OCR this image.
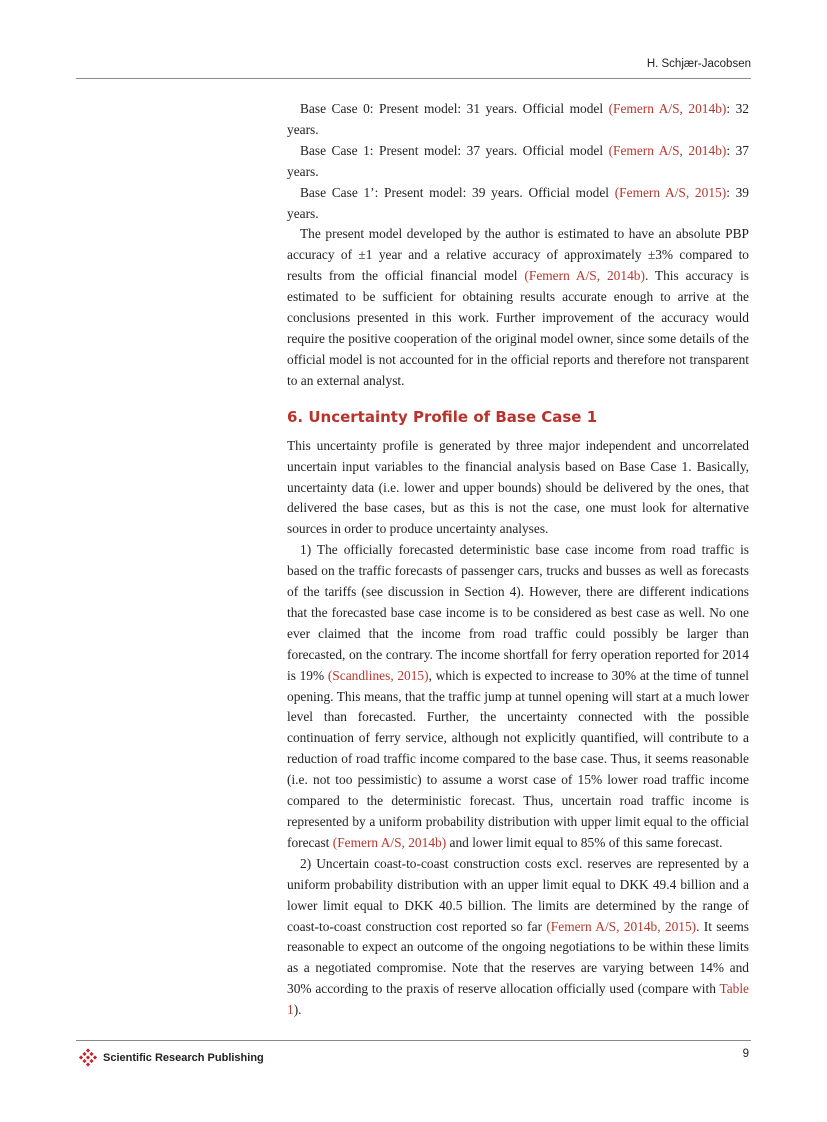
H. Schjær-Jacobsen

Base Case 0: Present model: 31 years. Official model (Femern A/S, 2014b): 32 years.

Base Case 1: Present model: 37 years. Official model (Femern A/S, 2014b): 37 years.

Base Case 1’: Present model: 39 years. Official model (Femern A/S, 2015): 39 years.

The present model developed by the author is estimated to have an absolute PBP accuracy of ±1 year and a relative accuracy of approximately ±3% compared to results from the official financial model (Femern A/S, 2014b). This accuracy is estimated to be sufficient for obtaining results accurate enough to arrive at the conclusions presented in this work. Further improvement of the accuracy would require the positive cooperation of the original model owner, since some details of the official model is not accounted for in the official reports and therefore not transparent to an external analyst.

6. Uncertainty Profile of Base Case 1

This uncertainty profile is generated by three major independent and uncorrelated uncertain input variables to the financial analysis based on Base Case 1. Basically, uncertainty data (i.e. lower and upper bounds) should be delivered by the ones, that delivered the base cases, but as this is not the case, one must look for alternative sources in order to produce uncertainty analyses.

1) The officially forecasted deterministic base case income from road traffic is based on the traffic forecasts of passenger cars, trucks and busses as well as forecasts of the tariffs (see discussion in Section 4). However, there are different indications that the forecasted base case income is to be considered as best case as well. No one ever claimed that the income from road traffic could possibly be larger than forecasted, on the contrary. The income shortfall for ferry operation reported for 2014 is 19% (Scandlines, 2015), which is expected to increase to 30% at the time of tunnel opening. This means, that the traffic jump at tunnel opening will start at a much lower level than forecasted. Further, the uncertainty connected with the possible continuation of ferry service, although not explicitly quantified, will contribute to a reduction of road traffic income compared to the base case. Thus, it seems reasonable (i.e. not too pessimistic) to assume a worst case of 15% lower road traffic income compared to the deterministic forecast. Thus, uncertain road traffic income is represented by a uniform probability distribution with upper limit equal to the official forecast (Femern A/S, 2014b) and lower limit equal to 85% of this same forecast.

2) Uncertain coast-to-coast construction costs excl. reserves are represented by a uniform probability distribution with an upper limit equal to DKK 49.4 billion and a lower limit equal to DKK 40.5 billion. The limits are determined by the range of coast-to-coast construction cost reported so far (Femern A/S, 2014b, 2015). It seems reasonable to expect an outcome of the ongoing negotiations to be within these limits as a negotiated compromise. Note that the reserves are varying between 14% and 30% according to the praxis of reserve allocation officially used (compare with Table 1).

Scientific Research Publishing	9
